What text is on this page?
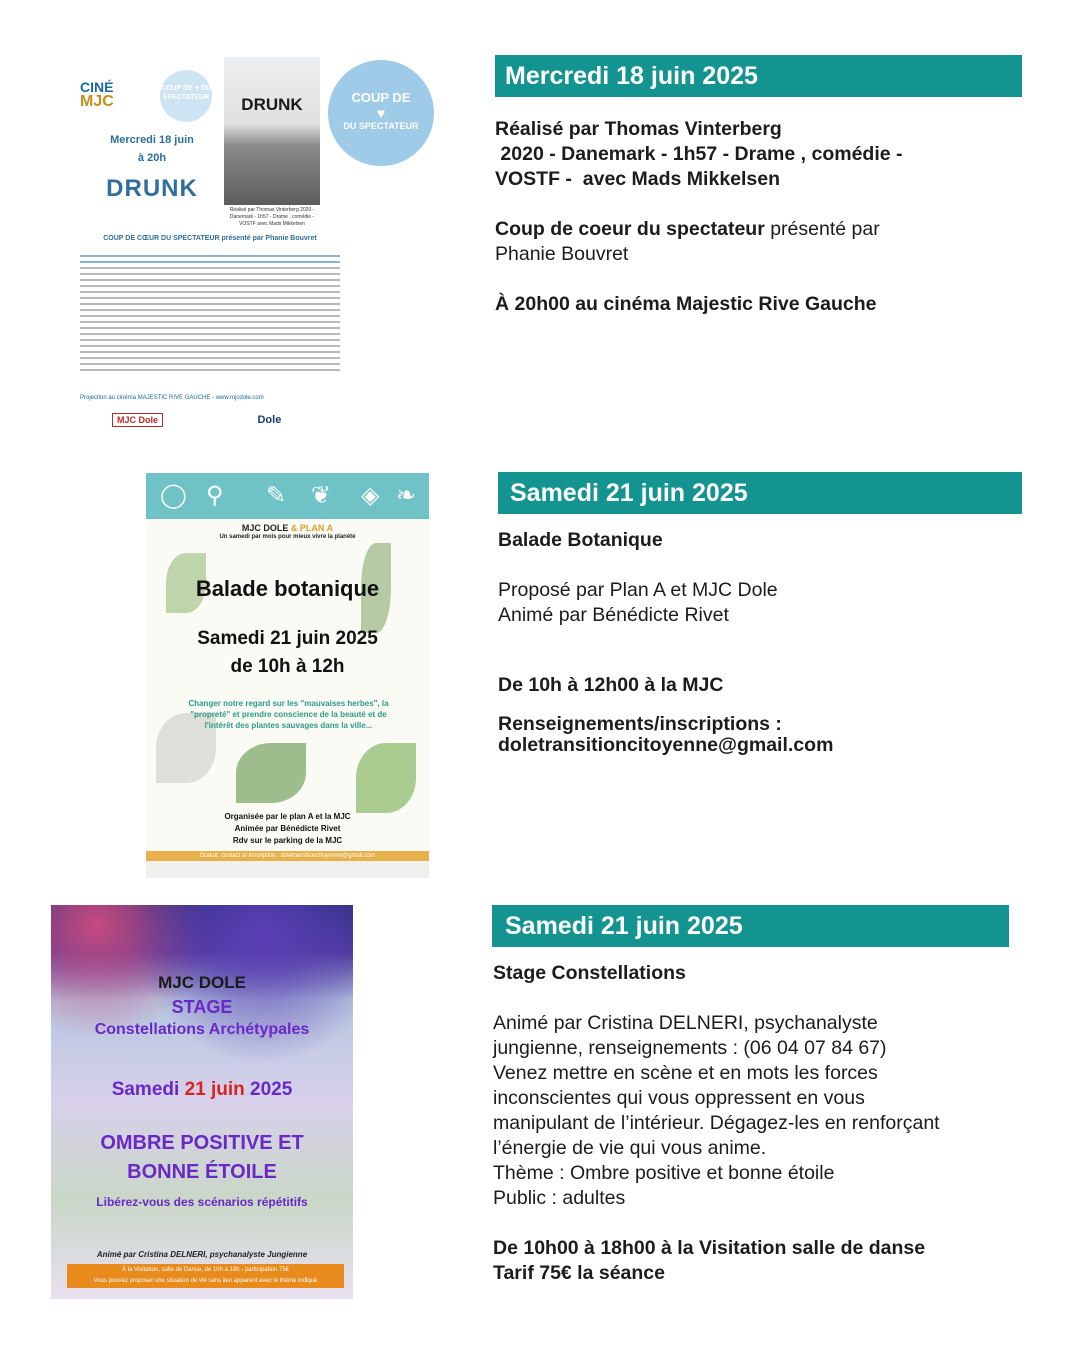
CINÉ
MJC
COUP DE ♥ DU SPECTATEUR
Mercredi 18 juin
à 20h
DRUNK
DRUNK
Réalisé par Thomas Vinterberg 2020 - Danemark - 1h57 - Drame , comédie - VOSTF avec Mads Mikkelsen
COUP DE CŒUR DU SPECTATEUR présenté par Phanie Bouvret
Projection au cinéma MAJESTIC RIVE GAUCHE - www.mjcdole.com
MJC Dole	Dole
COUP DE
♥
DU SPECTATEUR
Mercredi 18 juin 2025

Réalisé par Thomas Vinterberg

2020 - Danemark - 1h57 - Drame , comédie -

VOSTF -  avec Mads Mikkelsen

Coup de coeur du spectateur présenté par

Phanie Bouvret

À 20h00 au cinéma Majestic Rive Gauche

◯ ⚲ ✎ ❦ ◈ ❧
MJC DOLE & PLAN A
Un samedi par mois pour mieux vivre la planète
Balade botanique
Samedi 21 juin 2025
de 10h à 12h
Changer notre regard sur les "mauvaises herbes", la "propreté" et prendre conscience de la beauté et de l'intérêt des plantes sauvages dans la ville...
Organisée par le plan A et la MJC
Animée par Bénédicte Rivet
Rdv sur le parking de la MJC
Gratuit, contact et inscription : doletransitioncitoyenne@gmail.com
Samedi 21 juin 2025

Balade Botanique

Proposé par Plan A et MJC Dole

Animé par Bénédicte Rivet

De 10h à 12h00 à la MJC

Renseignements/inscriptions :

doletransitioncitoyenne@gmail.com

MJC DOLE
STAGE
Constellations Archétypales
Samedi 21 juin 2025
OMBRE POSITIVE ET
BONNE ÉTOILE
Libérez-vous des scénarios répétitifs
Animé par Cristina DELNERI, psychanalyste Jungienne
À la Visitation, salle de Danse, de 10h à 18h - participation 75€
Vous pouvez proposer une situation de vie sans lien apparent avec le thème indiqué
Samedi 21 juin 2025

Stage Constellations

Animé par Cristina DELNERI, psychanalyste

jungienne, renseignements : (06 04 07 84 67)

Venez mettre en scène et en mots les forces

inconscientes qui vous oppressent en vous

manipulant de l’intérieur. Dégagez-les en renforçant

l’énergie de vie qui vous anime.

Thème : Ombre positive et bonne étoile

Public : adultes

De 10h00 à 18h00 à la Visitation salle de danse

Tarif 75€ la séance
